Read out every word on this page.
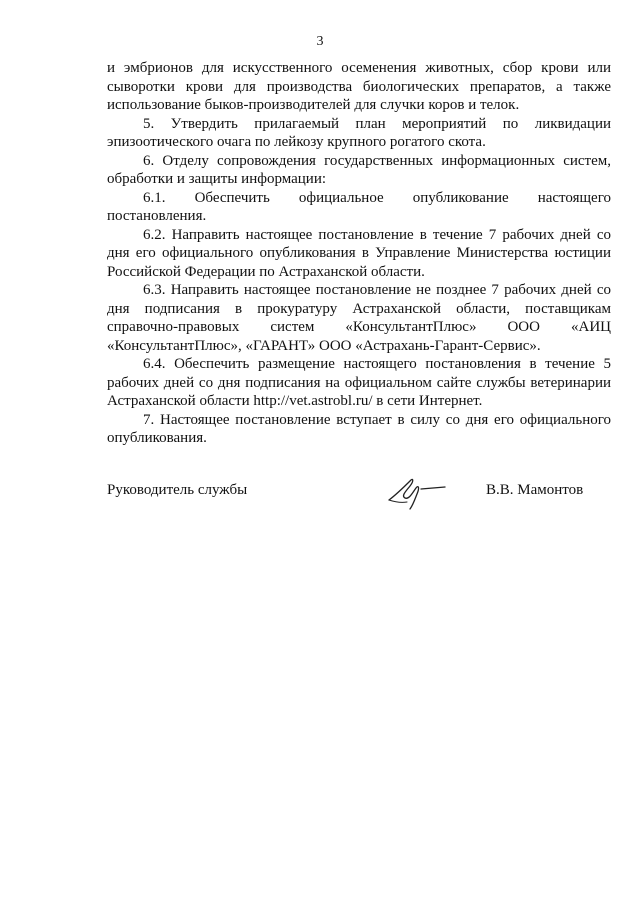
3

и эмбрионов для искусственного осеменения животных, сбор крови или сыворотки крови для производства биологических препаратов, а также использование быков-производителей для случки коров и телок.

5. Утвердить прилагаемый план мероприятий по ликвидации эпизоотического очага по лейкозу крупного рогатого скота.

6. Отделу сопровождения государственных информационных систем, обработки и защиты информации:

6.1. Обеспечить официальное опубликование настоящего постановления.

6.2. Направить настоящее постановление в течение 7 рабочих дней со дня его официального опубликования в Управление Министерства юстиции Российской Федерации по Астраханской области.

6.3. Направить настоящее постановление не позднее 7 рабочих дней со дня подписания в прокуратуру Астраханской области, поставщикам справочно-правовых систем «КонсультантПлюс» ООО «АИЦ «КонсультантПлюс», «ГАРАНТ» ООО «Астрахань-Гарант-Сервис».

6.4. Обеспечить размещение настоящего постановления в течение 5 рабочих дней со дня подписания на официальном сайте службы ветеринарии Астраханской области http://vet.astrobl.ru/ в сети Интернет.

7. Настоящее постановление вступает в силу со дня его официального опубликования.

Руководитель службы	В.В. Мамонтов
